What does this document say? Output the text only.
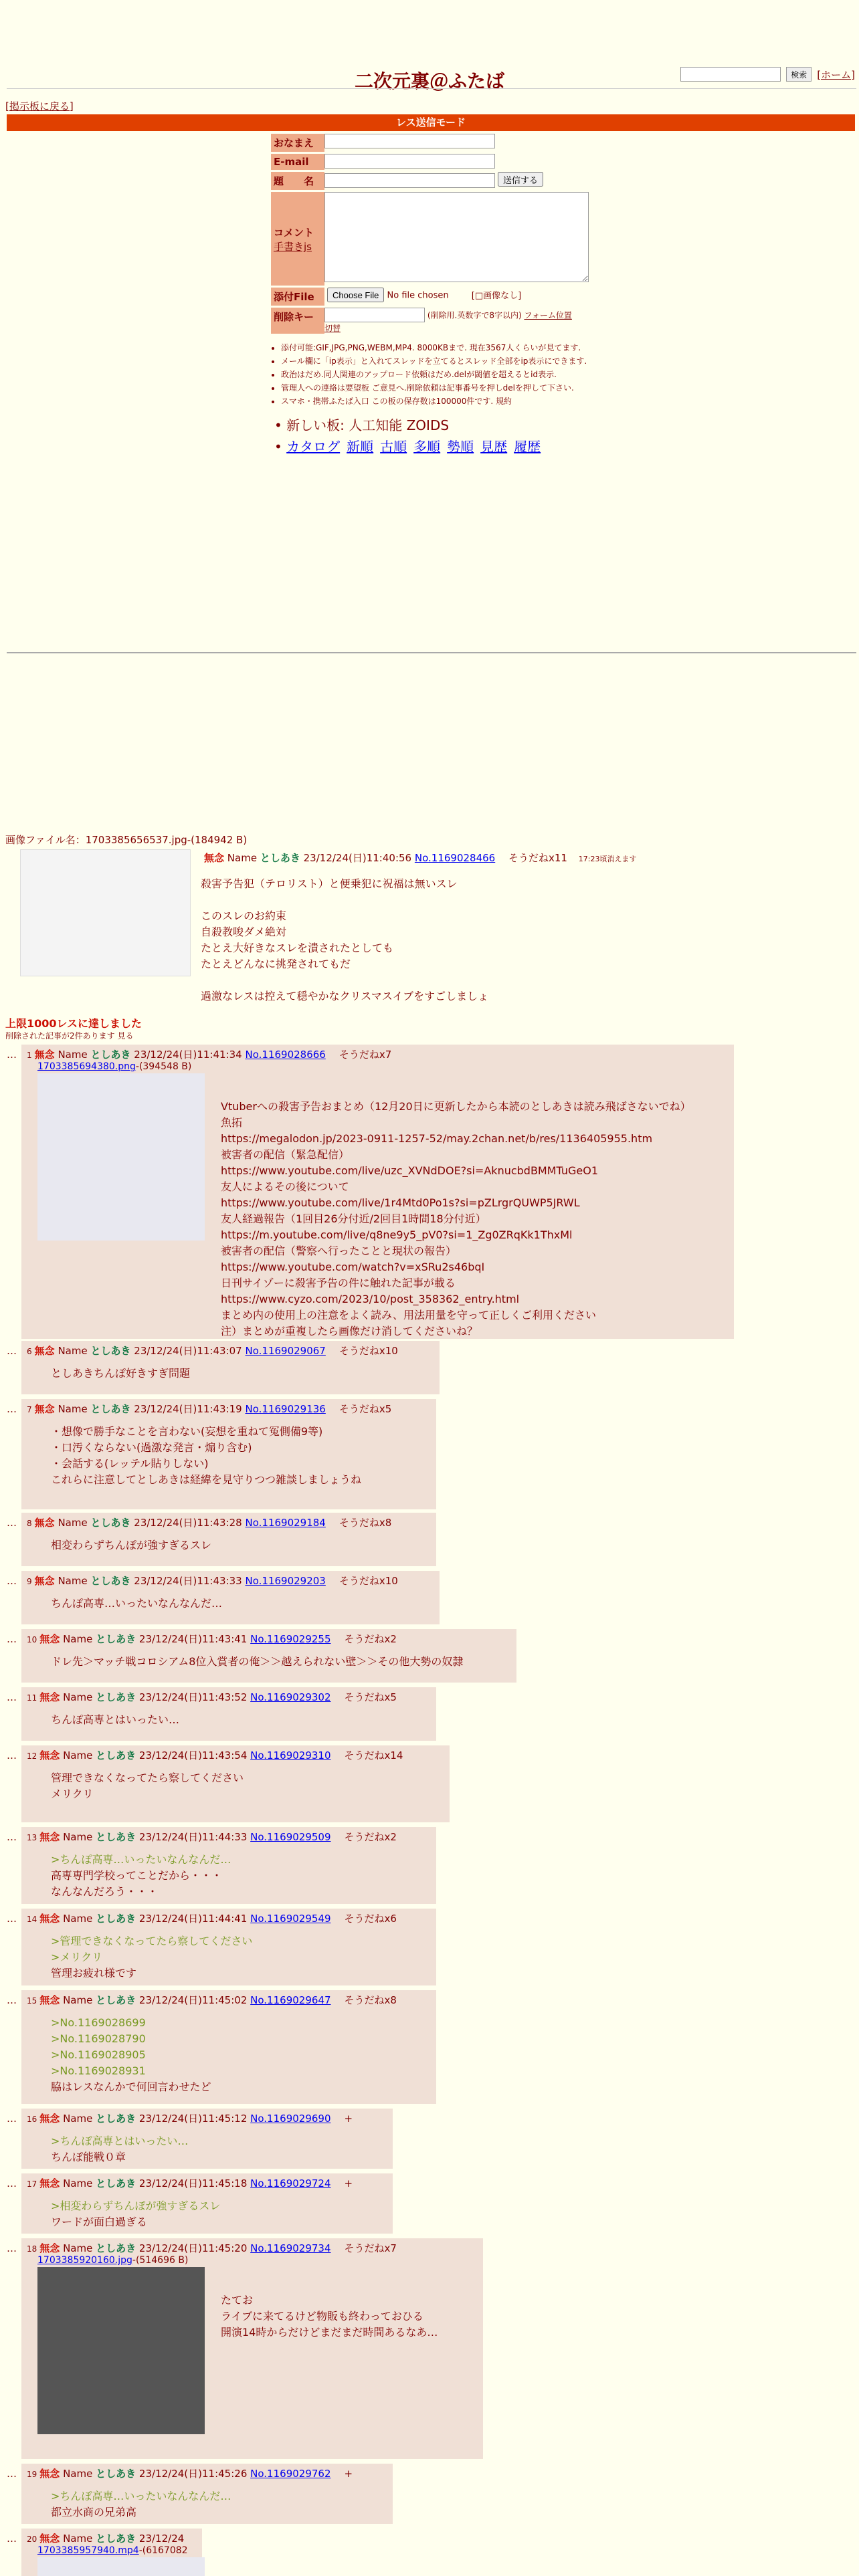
二次元裏＠ふたば	検索	[ホーム]
[掲示板に戻る]
レス送信モード
おなまえ
E-mail
題　　名	送信する
コメント
手書きjs
添付File	Choose File No file chosen	[□画像なし]
削除キー	(削除用.英数字で8字以内) フォーム位置
切替
• 添付可能:GIF,JPG,PNG,WEBM,MP4. 8000KBまで. 現在3567人くらいが見てます.
• メール欄に「ip表示」と入れてスレッドを立てるとスレッド全部をip表示にできます.
• 政治はだめ.同人関連のアップロード依頼はだめ.delが閾値を超えるとid表示.
• 管理人への連絡は要望板 ご意見へ.削除依頼は記事番号を押しdelを押して下さい.
• スマホ・携帯ふたば入口 この板の保存数は100000件です. 規約
• 新しい板: 人工知能 ZOIDS
• カタログ 新順 古順 多順 勢順 見歴 履歴
画像ファイル名：1703385656537.jpg-(184942 B)
無念 Name としあき 23/12/24(日)11:40:56 No.1169028466 そうだねx11 17:23頃消えます
殺害予告犯（テロリスト）と便乗犯に祝福は無いスレ

このスレのお約束
自殺教唆ダメ絶対
たとえ大好きなスレを潰されたとしても
たとえどんなに挑発されてもだ

過激なレスは控えて穏やかなクリスマスイブをすごしましょ
上限1000レスに達しました
削除された記事が2件あります 見る
… 1 無念 Name としあき 23/12/24(日)11:41:34 No.1169028666 そうだねx7
1703385694380.png-(394548 B)
Vtuberへの殺害予告おまとめ（12月20日に更新したから本読のとしあきは読み飛ばさないでね）
魚拓
https://megalodon.jp/2023-0911-1257-52/may.2chan.net/b/res/1136405955.htm
被害者の配信（緊急配信）
https://www.youtube.com/live/uzc_XVNdDOE?si=AknucbdBMMTuGeO1
友人によるその後について
https://www.youtube.com/live/1r4Mtd0Po1s?si=pZLrgrQUWP5JRWL
友人経過報告（1回目26分付近/2回目1時間18分付近）
https://m.youtube.com/live/q8ne9y5_pV0?si=1_Zg0ZRqKk1ThxMl
被害者の配信（警察へ行ったことと現状の報告）
https://www.youtube.com/watch?v=xSRu2s46bqI
日刊サイゾーに殺害予告の件に触れた記事が載る
https://www.cyzo.com/2023/10/post_358362_entry.html
まとめ内の使用上の注意をよく読み、用法用量を守って正しくご利用ください
注）まとめが重複したら画像だけ消してくださいね？
… 6 無念 Name としあき 23/12/24(日)11:43:07 No.1169029067 そうだねx10
としあきちんぽ好きすぎ問題
… 7 無念 Name としあき 23/12/24(日)11:43:19 No.1169029136 そうだねx5
・想像で勝手なことを言わない(妄想を重ねて冤側備9等)
・口汚くならない(過激な発言・煽り含む)
・会話する(レッテル貼りしない)
これらに注意してとしあきは経緯を見守りつつ雑談しましょうね
… 8 無念 Name としあき 23/12/24(日)11:43:28 No.1169029184 そうだねx8
相変わらずちんぽが強すぎるスレ
… 9 無念 Name としあき 23/12/24(日)11:43:33 No.1169029203 そうだねx10
ちんぽ高専…いったいなんなんだ…
… 10 無念 Name としあき 23/12/24(日)11:43:41 No.1169029255 そうだねx2
ドレ先＞マッチ戦コロシアム8位入賞者の俺＞＞越えられない壁＞＞その他大勢の奴隷
… 11 無念 Name としあき 23/12/24(日)11:43:52 No.1169029302 そうだねx5
ちんぽ高専とはいったい…
… 12 無念 Name としあき 23/12/24(日)11:43:54 No.1169029310 そうだねx14
管理できなくなってたら察してください
メリクリ
… 13 無念 Name としあき 23/12/24(日)11:44:33 No.1169029509 そうだねx2
>ちんぽ高専…いったいなんなんだ…
高専専門学校ってことだから・・・
なんなんだろう・・・
… 14 無念 Name としあき 23/12/24(日)11:44:41 No.1169029549 そうだねx6
>管理できなくなってたら察してください
>メリクリ
管理お疲れ様です
… 15 無念 Name としあき 23/12/24(日)11:45:02 No.1169029647 そうだねx8
>No.1169028699
>No.1169028790
>No.1169028905
>No.1169028931
脇はレスなんかで何回言わせたど
… 16 無念 Name としあき 23/12/24(日)11:45:12 No.1169029690 +
>ちんぽ高専とはいったい…
ちんぽ能戦０章
… 17 無念 Name としあき 23/12/24(日)11:45:18 No.1169029724 +
>相変わらずちんぽが強すぎるスレ
ワードが面白過ぎる
… 18 無念 Name としあき 23/12/24(日)11:45:20 No.1169029734 そうだねx7
1703385920160.jpg-(514696 B)
たてお
ライブに来てるけど物販も終わっておひる
開演14時からだけどまだまだ時間あるなあ…
… 19 無念 Name としあき 23/12/24(日)11:45:26 No.1169029762 +
>ちんぽ高専…いったいなんなんだ…
都立水商の兄弟高
… 20 無念 Name としあき 23/12/24
1703385957940.mp4-(6167082
